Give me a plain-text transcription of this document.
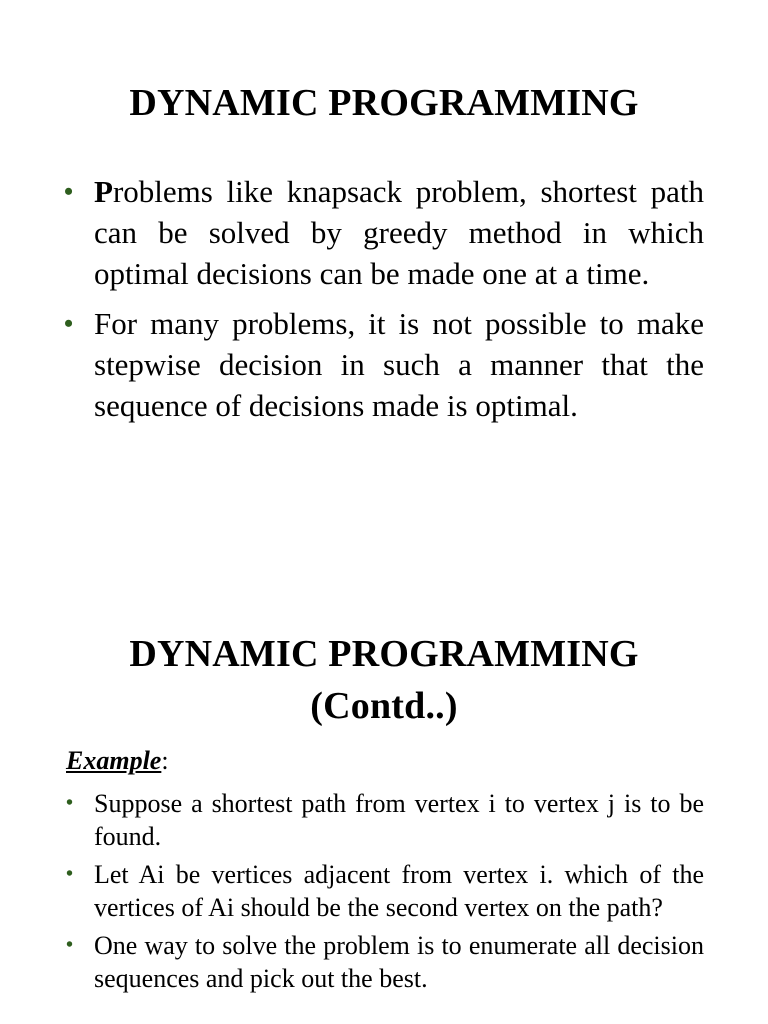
DYNAMIC PROGRAMMING
• Problems like knapsack problem, shortest path can be solved by greedy method in which optimal decisions can be made one at a time.
• For many problems, it is not possible to make stepwise decision in such a manner that the sequence of decisions made is optimal.
DYNAMIC PROGRAMMING
(Contd..)
Example:
• Suppose a shortest path from vertex i to vertex j is to be found.
• Let Ai be vertices adjacent from vertex i. which of the vertices of Ai should be the second vertex on the path?
• One way to solve the problem is to enumerate all decision sequences and pick out the best.
